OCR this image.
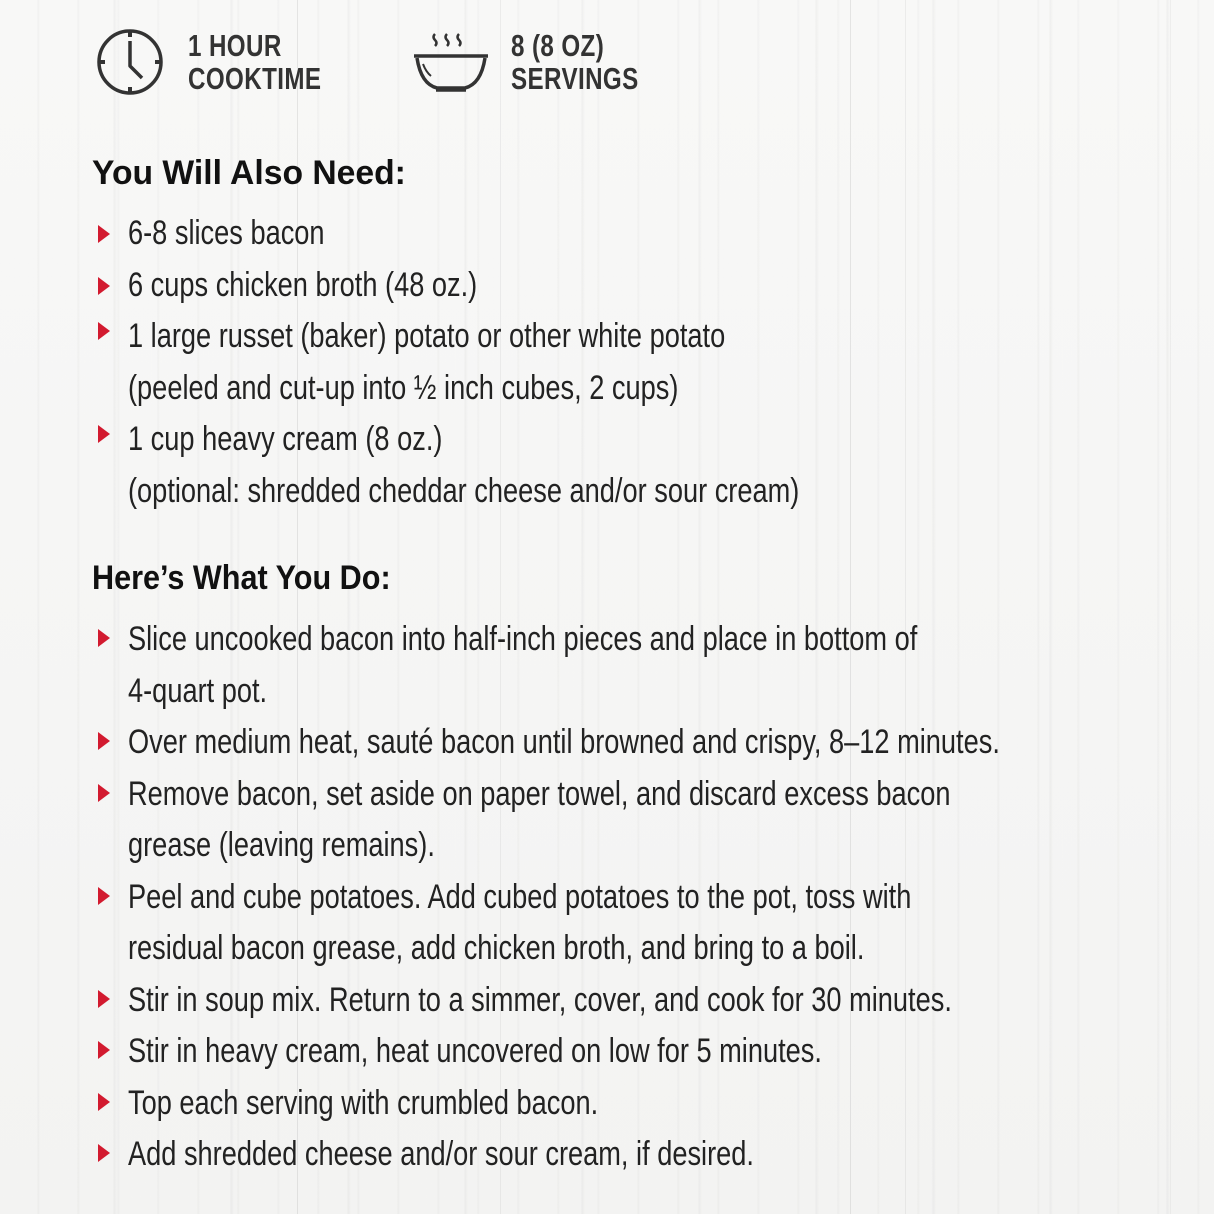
1 HOUR
COOKTIME
8 (8 OZ)
SERVINGS
You Will Also Need:
6-8 slices bacon
6 cups chicken broth (48 oz.)
1 large russet (baker) potato or other white potato
(peeled and cut-up into ½ inch cubes, 2 cups)
1 cup heavy cream (8 oz.)
(optional: shredded cheddar cheese and/or sour cream)
Here’s What You Do:
Slice uncooked bacon into half-inch pieces and place in bottom of
4-quart pot.
Over medium heat, sauté bacon until browned and crispy, 8–12 minutes.
Remove bacon, set aside on paper towel, and discard excess bacon
grease (leaving remains).
Peel and cube potatoes. Add cubed potatoes to the pot, toss with
residual bacon grease, add chicken broth, and bring to a boil.
Stir in soup mix. Return to a simmer, cover, and cook for 30 minutes.
Stir in heavy cream, heat uncovered on low for 5 minutes.
Top each serving with crumbled bacon.
Add shredded cheese and/or sour cream, if desired.
